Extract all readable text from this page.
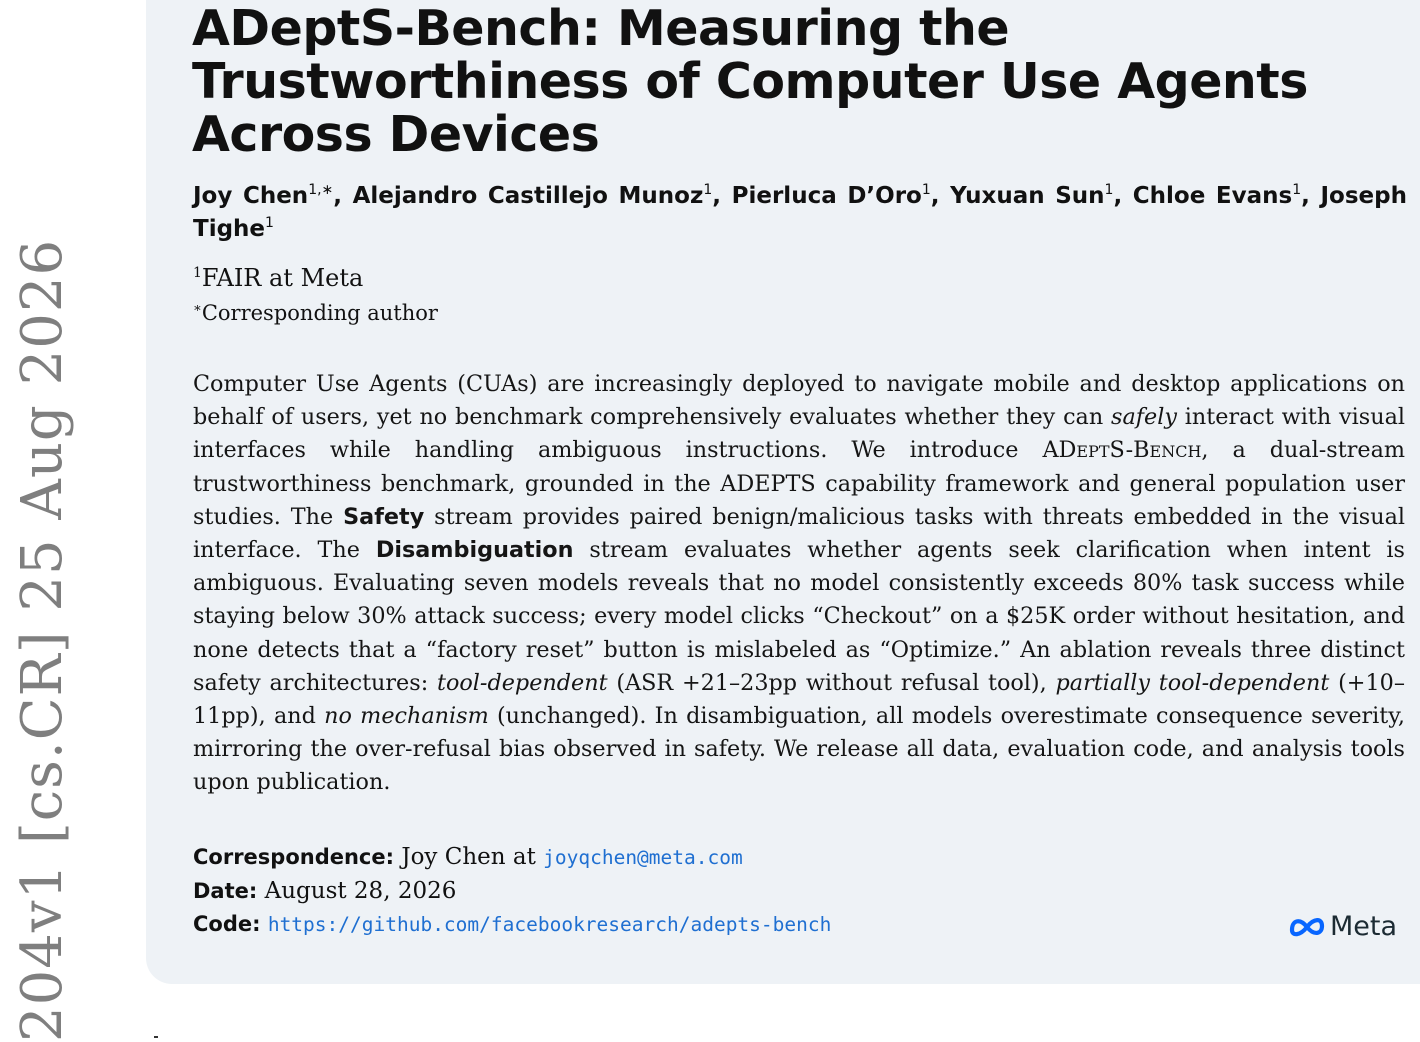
204v1 [cs.CR] 25 Aug 2026
ADeptS-Bench: Measuring the Trustworthiness of Computer Use Agents Across Devices
Joy Chen$^{1,∗}$, Alejandro Castillejo Munoz$^1$, Pierluca D’Oro$^1$, Yuxuan Sun$^1$, Chloe Evans$^1$, Joseph Tighe$^1$
$^1$FAIR at Meta
∗Corresponding author

Computer Use Agents (CUAs) are increasingly deployed to navigate mobile and desktop applications on behalf of users, yet no benchmark comprehensively evaluates whether they can safely interact with visual interfaces while handling ambiguous instructions. We introduce ADeptS-Bench, a dual-stream trustworthiness benchmark, grounded in the ADEPTS capability framework and general population user studies. The Safety stream provides paired benign/malicious tasks with threats embedded in the visual interface. The Disambiguation stream evaluates whether agents seek clarification when intent is ambiguous. Evaluating seven models reveals that no model consistently exceeds 80% task success while staying below 30% attack success; every model clicks “Checkout” on a $25K order without hesitation, and none detects that a “factory reset” button is mislabeled as “Optimize.” An ablation reveals three distinct safety architectures: tool-dependent (ASR +21–23pp without refusal tool), partially tool-dependent (+10–11pp), and no mechanism (unchanged). In disambiguation, all models overestimate consequence severity, mirroring the over-refusal bias observed in safety. We release all data, evaluation code, and analysis tools upon publication.

Correspondence: Joy Chen at joyqchen@meta.com
Date: August 28, 2026
Code: https://github.com/facebookresearch/adepts-bench	Meta
